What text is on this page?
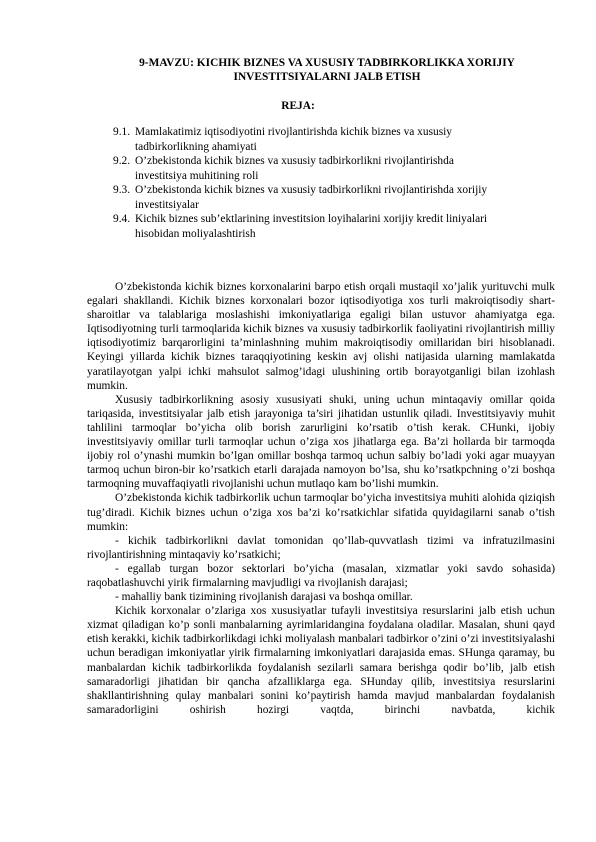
9-MAVZU: KICHIK BIZNES VA XUSUSIY TADBIRKORLIKKA XORIJIY INVESTITSIYALARNI JALB ETISH
REJA:
9.1. Mamlakatimiz iqtisodiyotini rivojlantirishda kichik biznes va xususiy tadbirkorlikning ahamiyati
9.2. O’zbekistonda kichik biznes va xususiy tadbirkorlikni rivojlantirishda investitsiya muhitining roli
9.3. O’zbekistonda kichik biznes va xususiy tadbirkorlikni rivojlantirishda xorijiy investitsiyalar
9.4. Kichik biznes sub’ektlarining investitsion loyihalarini xorijiy kredit liniyalari hisobidan moliyalashtirish

O’zbekistonda kichik biznes korxonalarini barpo etish orqali mustaqil xo’jalik yurituvchi mulk egalari shakllandi. Kichik biznes korxonalari bozor iqtisodiyotiga xos turli makroiqtisodiy shart-sharoitlar va talablariga moslashishi imkoniyatlariga egaligi bilan ustuvor ahamiyatga ega. Iqtisodiyotning turli tarmoqlarida kichik biznes va xususiy tadbirkorlik faoliyatini rivojlantirish milliy iqtisodiyotimiz barqarorligini ta’minlashning muhim makroiqtisodiy omillaridan biri hisoblanadi. Keyingi yillarda kichik biznes taraqqiyotining keskin avj olishi natijasida ularning mamlakatda yaratilayotgan yalpi ichki mahsulot salmog’idagi ulushining ortib borayotganligi bilan izohlash mumkin.

Xususiy tadbirkorlikning asosiy xususiyati shuki, uning uchun mintaqaviy omillar qoida tariqasida, investitsiyalar jalb etish jarayoniga ta’siri jihatidan ustunlik qiladi. Investitsiyaviy muhit tahlilini tarmoqlar bo’yicha olib borish zarurligini ko’rsatib o’tish kerak. CHunki, ijobiy investitsiyaviy omillar turli tarmoqlar uchun o’ziga xos jihatlarga ega. Ba’zi hollarda bir tarmoqda ijobiy rol o’ynashi mumkin bo’lgan omillar boshqa tarmoq uchun salbiy bo’ladi yoki agar muayyan tarmoq uchun biron-bir ko’rsatkich etarli darajada namoyon bo’lsa, shu ko’rsatkpchning o’zi boshqa tarmoqning muvaffaqiyatli rivojlanishi uchun mutlaqo kam bo’lishi mumkin.

O’zbekistonda kichik tadbirkorlik uchun tarmoqlar bo’yicha investitsiya muhiti alohida qiziqish tug’diradi. Kichik biznes uchun o’ziga xos ba’zi ko’rsatkichlar sifatida quyidagilarni sanab o’tish mumkin:

- kichik tadbirkorlikni davlat tomonidan qo’llab-quvvatlash tizimi va infratuzilmasini rivojlantirishning mintaqaviy ko’rsatkichi;

- egallab turgan bozor sektorlari bo’yicha (masalan, xizmatlar yoki savdo sohasida) raqobatlashuvchi yirik firmalarning mavjudligi va rivojlanish darajasi;

- mahalliy bank tizimining rivojlanish darajasi va boshqa omillar.

Kichik korxonalar o’zlariga xos xususiyatlar tufayli investitsiya resurslarini jalb etish uchun xizmat qiladigan ko’p sonli manbalarning ayrimlaridangina foydalana oladilar. Masalan, shuni qayd etish kerakki, kichik tadbirkorlikdagi ichki moliyalash manbalari tadbirkor o’zini o’zi investitsiyalashi uchun beradigan imkoniyatlar yirik firmalarning imkoniyatlari darajasida emas. SHunga qaramay, bu manbalardan kichik tadbirkorlikda foydalanish sezilarli samara berishga qodir bo’lib, jalb etish samaradorligi jihatidan bir qancha afzalliklarga ega. SHunday qilib, investitsiya resurslarini shakllantirishning qulay manbalari sonini ko’paytirish hamda mavjud manbalardan foydalanish samaradorligini oshirish hozirgi vaqtda, birinchi navbatda, kichik
